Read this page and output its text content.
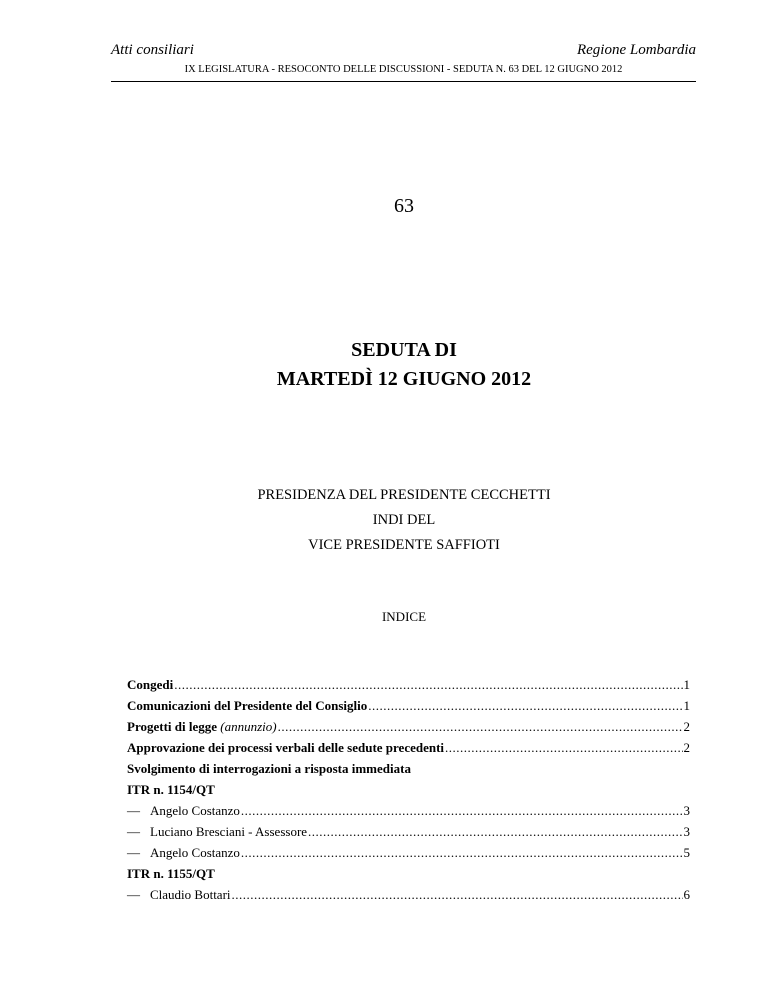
Atti consiliari	Regione Lombardia
IX LEGISLATURA - RESOCONTO DELLE DISCUSSIONI - SEDUTA N. 63 DEL 12 GIUGNO 2012
63
SEDUTA DI
MARTEDÌ 12 GIUGNO 2012
PRESIDENZA DEL PRESIDENTE CECCHETTI
INDI DEL
VICE PRESIDENTE SAFFIOTI
INDICE
Congedi .....	1
Comunicazioni del Presidente del Consiglio .....	1
Progetti di legge (annunzio) .....	2
Approvazione dei processi verbali delle sedute precedenti .....	2
Svolgimento di interrogazioni a risposta immediata
ITR n. 1154/QT
— Angelo Costanzo .....	3
— Luciano Bresciani - Assessore .....	3
— Angelo Costanzo .....	5
ITR n. 1155/QT
— Claudio Bottari .....	6
